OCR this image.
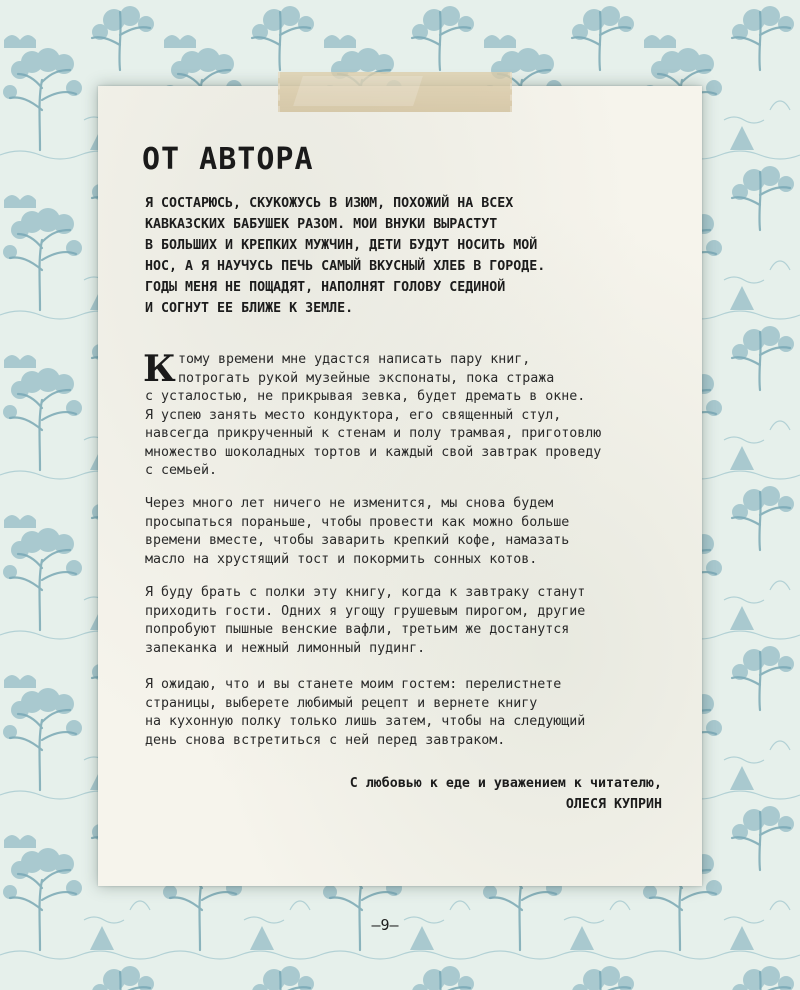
ОТ АВТОРА
Я СОСТАРЮСЬ, СКУКОЖУСЬ В ИЗЮМ, ПОХОЖИЙ НА ВСЕХ
КАВКАЗСКИХ БАБУШЕК РАЗОМ. МОИ ВНУКИ ВЫРАСТУТ
В БОЛЬШИХ И КРЕПКИХ МУЖЧИН, ДЕТИ БУДУТ НОСИТЬ МОЙ
НОС, А Я НАУЧУСЬ ПЕЧЬ САМЫЙ ВКУСНЫЙ ХЛЕБ В ГОРОДЕ.
ГОДЫ МЕНЯ НЕ ПОЩАДЯТ, НАПОЛНЯТ ГОЛОВУ СЕДИНОЙ
И СОГНУТ ЕЕ БЛИЖЕ К ЗЕМЛЕ.
К тому времени мне удастся написать пару книг,
потрогать рукой музейные экспонаты, пока стража
с усталостью, не прикрывая зевка, будет дремать в окне.
Я успею занять место кондуктора, его священный стул,
навсегда прикрученный к стенам и полу трамвая, приготовлю
множество шоколадных тортов и каждый свой завтрак проведу
с семьей.
Через много лет ничего не изменится, мы снова будем
просыпаться пораньше, чтобы провести как можно больше
времени вместе, чтобы заварить крепкий кофе, намазать
масло на хрустящий тост и покормить сонных котов.
Я буду брать с полки эту книгу, когда к завтраку станут
приходить гости. Одних я угощу грушевым пирогом, другие
попробуют пышные венские вафли, третьим же достанутся
запеканка и нежный лимонный пудинг.
Я ожидаю, что и вы станете моим гостем: перелистнете
страницы, выберете любимый рецепт и вернете книгу
на кухонную полку только лишь затем, чтобы на следующий
день снова встретиться с ней перед завтраком.
С любовью к еде и уважением к читателю,
ОЛЕСЯ КУПРИН
–9–
